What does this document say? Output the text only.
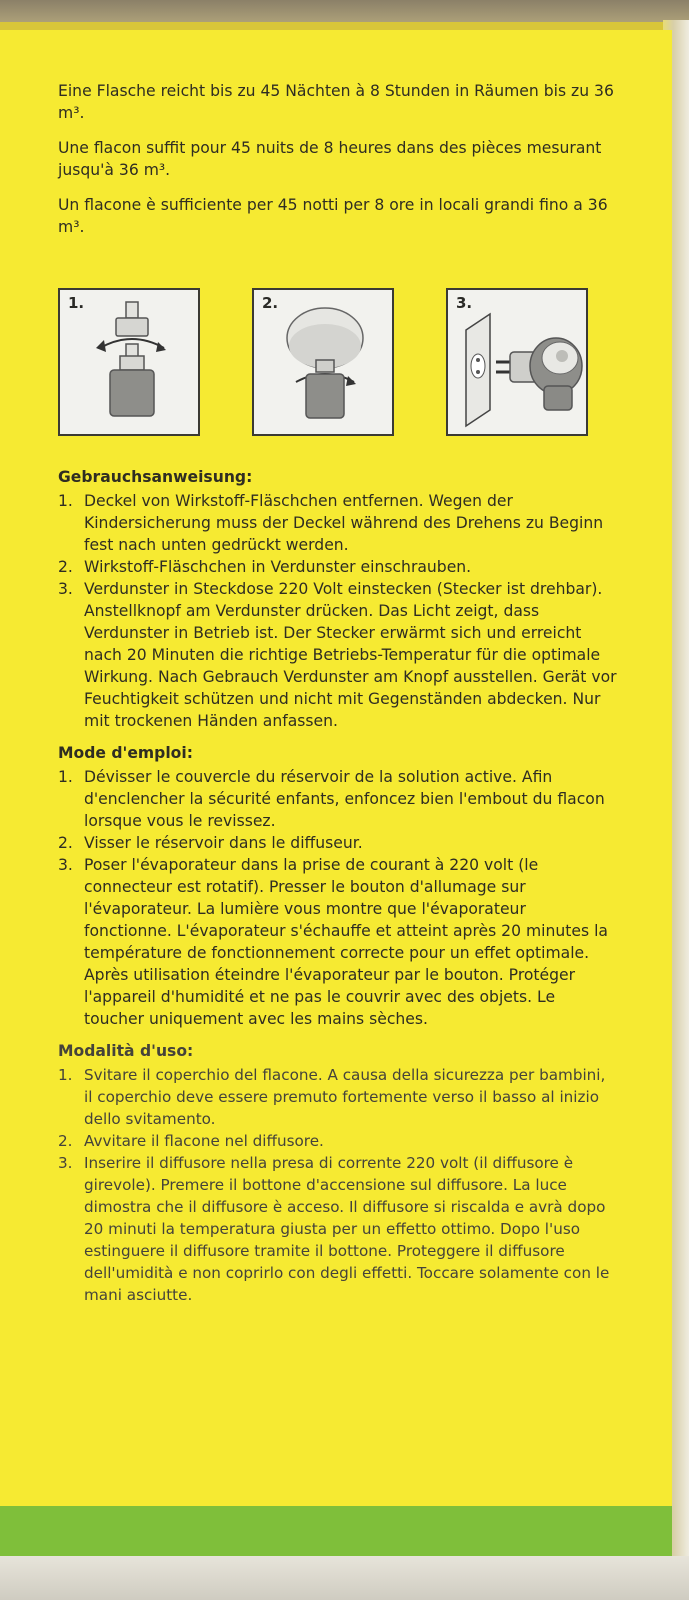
Eine Flasche reicht bis zu 45 Nächten à 8 Stunden in Räumen bis zu 36 m³.

Une flacon suffit pour 45 nuits de 8 heures dans des pièces mesurant jusqu'à 36 m³.

Un flacone è sufficiente per 45 notti per 8 ore in locali grandi fino a 36 m³.

1.	2.	3.
Gebrauchsanweisung:
1. Deckel von Wirkstoff-Fläschchen entfernen. Wegen der Kindersicherung muss der Deckel während des Drehens zu Beginn fest nach unten gedrückt werden.
2. Wirkstoff-Fläschchen in Verdunster einschrauben.
3. Verdunster in Steckdose 220 Volt einstecken (Stecker ist drehbar). Anstellknopf am Verdunster drücken. Das Licht zeigt, dass Verdunster in Betrieb ist. Der Stecker erwärmt sich und erreicht nach 20 Minuten die richtige Betriebs-Temperatur für die optimale Wirkung. Nach Gebrauch Verdunster am Knopf ausstellen. Gerät vor Feuchtigkeit schützen und nicht mit Gegenständen abdecken. Nur mit trockenen Händen anfassen.
Mode d'emploi:
1. Dévisser le couvercle du réservoir de la solution active. Afin d'enclencher la sécurité enfants, enfoncez bien l'embout du flacon lorsque vous le revissez.
2. Visser le réservoir dans le diffuseur.
3. Poser l'évaporateur dans la prise de courant à 220 volt (le connecteur est rotatif). Presser le bouton d'allumage sur l'évaporateur. La lumière vous montre que l'évaporateur fonctionne. L'évaporateur s'échauffe et atteint après 20 minutes la température de fonctionnement correcte pour un effet optimale. Après utilisation éteindre l'évaporateur par le bouton. Protéger l'appareil d'humidité et ne pas le couvrir avec des objets. Le toucher uniquement avec les mains sèches.
Modalità d'uso:
1. Svitare il coperchio del flacone. A causa della sicurezza per bambini, il coperchio deve essere premuto fortemente verso il basso al inizio dello svitamento.
2. Avvitare il flacone nel diffusore.
3. Inserire il diffusore nella presa di corrente 220 volt (il diffusore è girevole). Premere il bottone d'accensione sul diffusore. La luce dimostra che il diffusore è acceso. Il diffusore si riscalda e avrà dopo 20 minuti la temperatura giusta per un effetto ottimo. Dopo l'uso estinguere il diffusore tramite il bottone. Proteggere il diffusore dell'umidità e non coprirlo con degli effetti. Toccare solamente con le mani asciutte.
